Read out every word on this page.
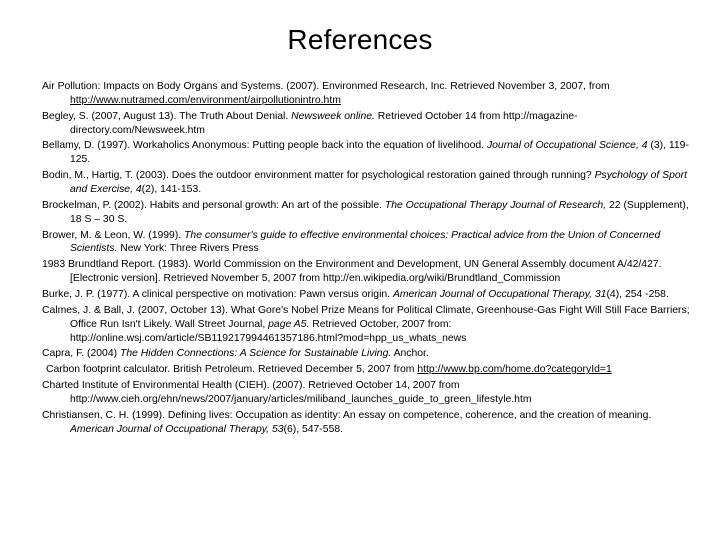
References
Air Pollution: Impacts on Body Organs and Systems. (2007). Environmed Research, Inc. Retrieved November 3, 2007, from http://www.nutramed.com/environment/airpollutionintro.htm
Begley, S. (2007, August 13). The Truth About Denial. Newsweek online. Retrieved October 14 from http://magazine-directory.com/Newsweek.htm
Bellamy, D. (1997). Workaholics Anonymous: Putting people back into the equation of livelihood. Journal of Occupational Science, 4 (3), 119-125.
Bodin, M., Hartig, T. (2003). Does the outdoor environment matter for psychological restoration gained through running? Psychology of Sport and Exercise, 4(2), 141-153.
Brockelman, P. (2002). Habits and personal growth: An art of the possible. The Occupational Therapy Journal of Research, 22 (Supplement), 18 S – 30 S.
Brower, M. & Leon, W. (1999). The consumer's guide to effective environmental choices: Practical advice from the Union of Concerned Scientists. New York: Three Rivers Press
1983 Brundtland Report. (1983). World Commission on the Environment and Development, UN General Assembly document A/42/427. [Electronic version]. Retrieved November 5, 2007 from http://en.wikipedia.org/wiki/Brundtland_Commission
Burke, J. P. (1977). A clinical perspective on motivation: Pawn versus origin. American Journal of Occupational Therapy, 31(4), 254 -258.
Calmes, J. & Ball, J. (2007, October 13). What Gore's Nobel Prize Means for Political Climate, Greenhouse-Gas Fight Will Still Face Barriers; Office Run Isn't Likely. Wall Street Journal, page A5. Retrieved October, 2007 from: http://online.wsj.com/article/SB119217994461357186.html?mod=hpp_us_whats_news
Capra, F. (2004) The Hidden Connections: A Science for Sustainable Living. Anchor.
Carbon footprint calculator. British Petroleum. Retrieved December 5, 2007 from http://www.bp.com/home.do?categoryId=1
Charted Institute of Environmental Health (CIEH). (2007). Retrieved October 14, 2007 from http://www.cieh.org/ehn/news/2007/january/articles/miliband_launches_guide_to_green_lifestyle.htm
Christiansen, C. H. (1999). Defining lives: Occupation as identity: An essay on competence, coherence, and the creation of meaning. American Journal of Occupational Therapy, 53(6), 547-558.
